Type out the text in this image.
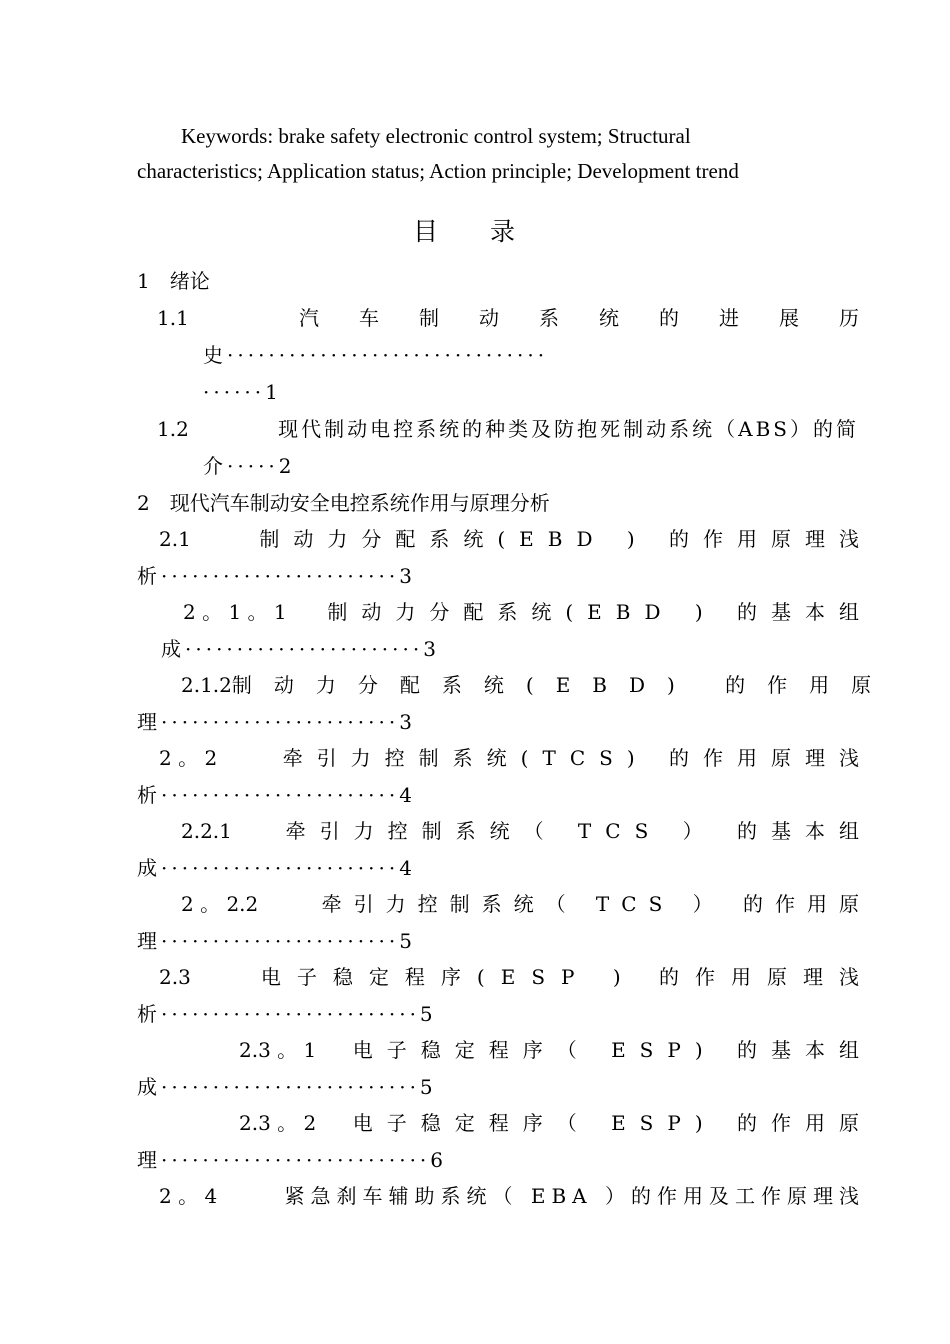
Keywords: brake safety electronic control system; Structural

characteristics; Application status; Action principle; Development trend

目 录
1　绪论
1.1	汽车制动系统的进展历
史·······························
······1
1.2	现代制动电控系统的种类及防抱死制动系统（ABS）的简
介·····2
2　现代汽车制动安全电控系统作用与原理分析
2.1	制动力分配系统(EBD ) 的作用原理浅
析·······················3
2 。 1 。 1 制动力分配系统(EBD ) 的基本组
成·······················3
2.1.2 制动力分配系统(EBD) 的作用原
理·······················3
2 。 2	牵引力控制系统(TCS) 的作用原理浅
析·······················4
2.2.1	牵引力控制系统（ TCS ） 的基本组
成·······················4
2 。 2.2	牵引力控制系统（ TCS ） 的作用原
理·······················5
2.3	电子稳定程序(ESP ) 的作用原理浅
析·························5
2.3 。 1 电子稳定程序（ ESP) 的基本组
成·························5
2.3 。 2 电子稳定程序（ ESP) 的作用原
理··························6
2 。 4	紧急刹车辅助系统（ EBA ）的作用及工作原理浅
